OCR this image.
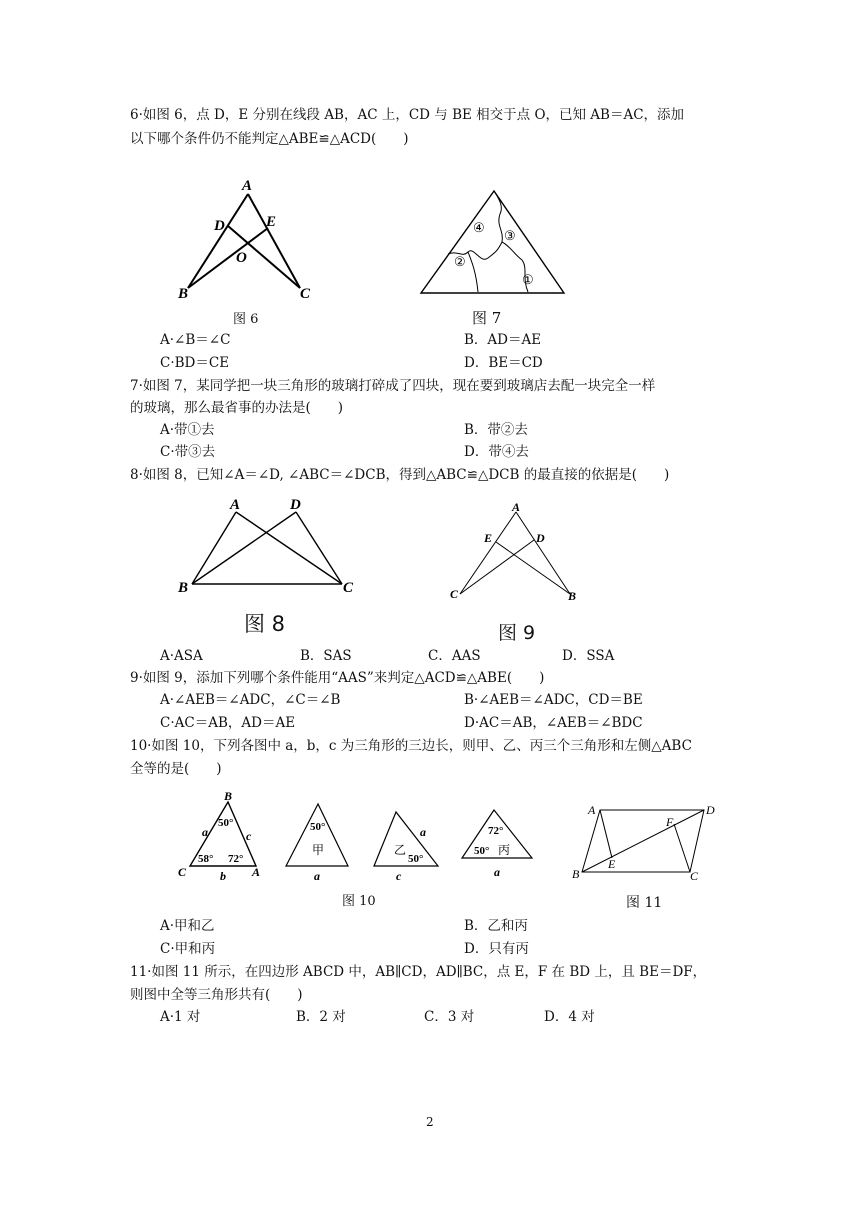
6·如图 6，点 D，E 分别在线段 AB，AC 上，CD 与 BE 相交于点 O，已知 AB＝AC，添加
以下哪个条件仍不能判定△ABE≌△ACD(　　)
A
B	C
D	E
O
图 6
④
③
②
①
图 7
A·∠B＝∠C	B．AD＝AE
C·BD＝CE	D．BE＝CD
7·如图 7，某同学把一块三角形的玻璃打碎成了四块，现在要到玻璃店去配一块完全一样
的玻璃，那么最省事的办法是(　　)
A·带①去	B．带②去
C·带③去	D．带④去
8·如图 8，已知∠A＝∠D, ∠ABC＝∠DCB，得到△ABC≌△DCB 的最直接的依据是(　　)
A	D
B	C
图 8
A
E	D
C	B
图 9
A·ASA	B．SAS	C．AAS	D．SSA
9·如图 9，添加下列哪个条件能用“AAS”来判定△ACD≌△ABE(　　)
A·∠AEB＝∠ADC，∠C＝∠B	B·∠AEB＝∠ADC，CD＝BE
C·AC＝AB，AD＝AE	D·AC＝AB，∠AEB＝∠BDC
10·如图 10，下列各图中 a，b，c 为三角形的三边长，则甲、乙、丙三个三角形和左侧△ABC
全等的是(　　)
B
C	A
a	c
b
50°
58° 72°
50°
甲
a
a
乙
50°
c
72°
50° 丙
a
图 10
A	D
B	C
E
F
图 11
A·甲和乙	B．乙和丙
C·甲和丙	D．只有丙
11·如图 11 所示，在四边形 ABCD 中，AB∥CD，AD∥BC，点 E，F 在 BD 上，且 BE＝DF，
则图中全等三角形共有(　　)
A·1 对	B．2 对	C．3 对	D．4 对
2
